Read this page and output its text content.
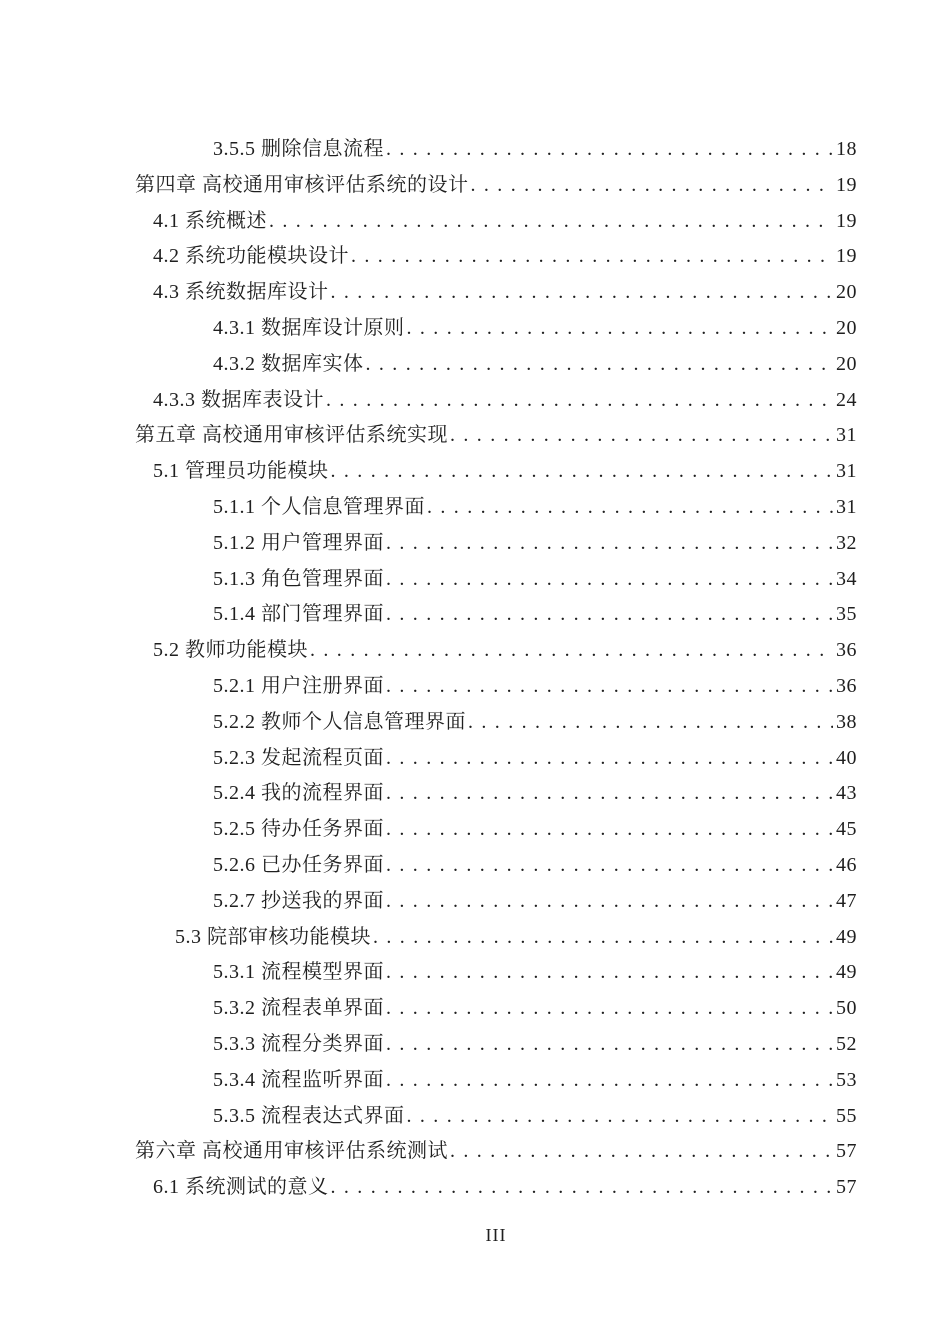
3.5.5 删除信息流程 . . .	18
第四章 高校通用审核评估系统的设计 . . .	19
4.1 系统概述 . . .	19
4.2 系统功能模块设计 . . .	19
4.3 系统数据库设计 . . .	20
4.3.1 数据库设计原则 . . .	20
4.3.2 数据库实体 . . .	20
4.3.3 数据库表设计 . . .	24
第五章 高校通用审核评估系统实现 . . .	31
5.1 管理员功能模块 . . .	31
5.1.1 个人信息管理界面 . . .	31
5.1.2 用户管理界面 . . .	32
5.1.3 角色管理界面 . . .	34
5.1.4 部门管理界面 . . .	35
5.2 教师功能模块 . . .	36
5.2.1 用户注册界面 . . .	36
5.2.2 教师个人信息管理界面 . . .	38
5.2.3 发起流程页面 . . .	40
5.2.4 我的流程界面 . . .	43
5.2.5 待办任务界面 . . .	45
5.2.6 已办任务界面 . . .	46
5.2.7 抄送我的界面 . . .	47
5.3 院部审核功能模块 . . .	49
5.3.1 流程模型界面 . . .	49
5.3.2 流程表单界面 . . .	50
5.3.3 流程分类界面 . . .	52
5.3.4 流程监听界面 . . .	53
5.3.5 流程表达式界面 . . .	55
第六章 高校通用审核评估系统测试 . . .	57
6.1 系统测试的意义 . . .	57
III
